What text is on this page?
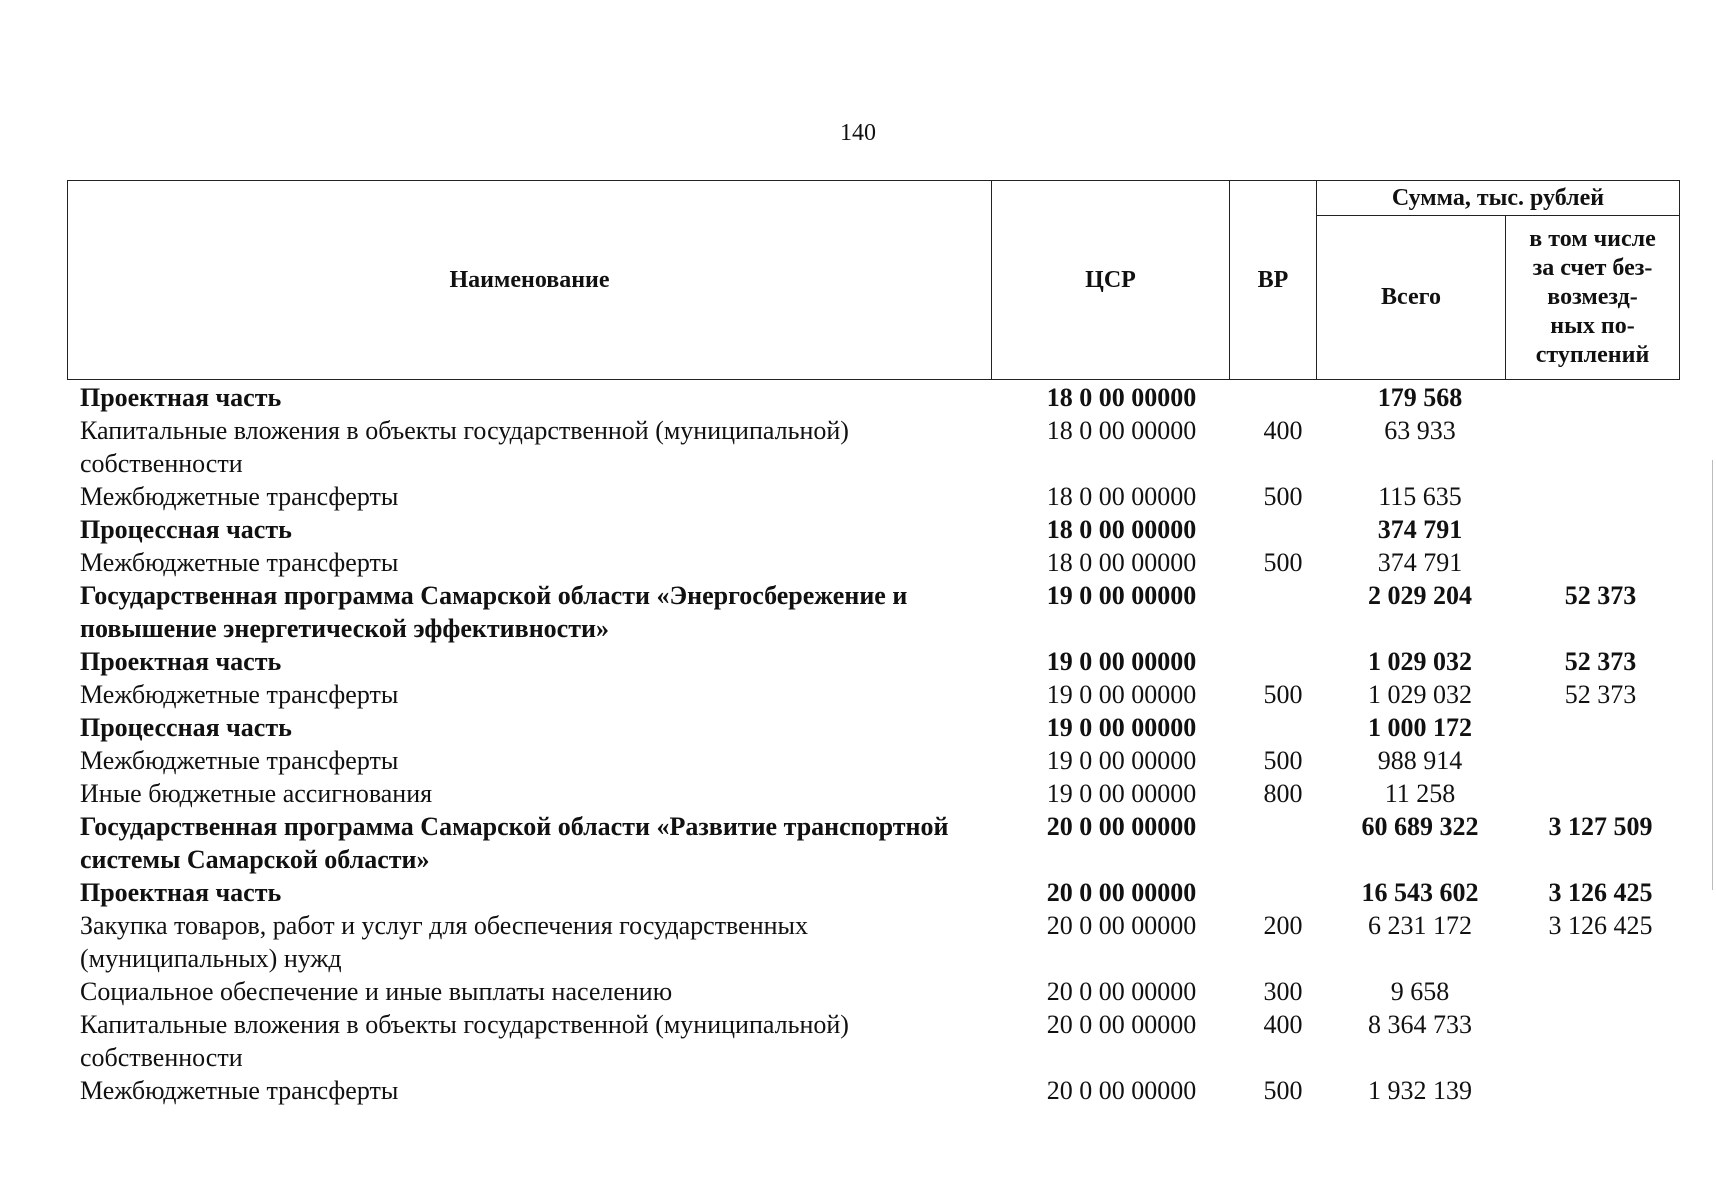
140
Наименование	ЦСР	ВР	Сумма, тыс. рублей	
			Всего	в том числе
за счет без-
возмезд-
ных по-
ступлений
Проектная часть	18 0 00 00000		179 568	
Капитальные вложения в объекты государственной (муниципальной) собственности	18 0 00 00000	400	63 933	
Межбюджетные трансферты	18 0 00 00000	500	115 635	
Процессная часть	18 0 00 00000		374 791	
Межбюджетные трансферты	18 0 00 00000	500	374 791	
Государственная программа Самарской области «Энергосбережение и повышение энергетической эффективности»	19 0 00 00000		2 029 204	52 373
Проектная часть	19 0 00 00000		1 029 032	52 373
Межбюджетные трансферты	19 0 00 00000	500	1 029 032	52 373
Процессная часть	19 0 00 00000		1 000 172	
Межбюджетные трансферты	19 0 00 00000	500	988 914	
Иные бюджетные ассигнования	19 0 00 00000	800	11 258	
Государственная программа Самарской области «Развитие транспортной системы Самарской области»	20 0 00 00000		60 689 322	3 127 509
Проектная часть	20 0 00 00000		16 543 602	3 126 425
Закупка товаров, работ и услуг для обеспечения государственных (муниципальных) нужд	20 0 00 00000	200	6 231 172	3 126 425
Социальное обеспечение и иные выплаты населению	20 0 00 00000	300	9 658	
Капитальные вложения в объекты государственной (муниципальной) собственности	20 0 00 00000	400	8 364 733	
Межбюджетные трансферты	20 0 00 00000	500	1 932 139	
